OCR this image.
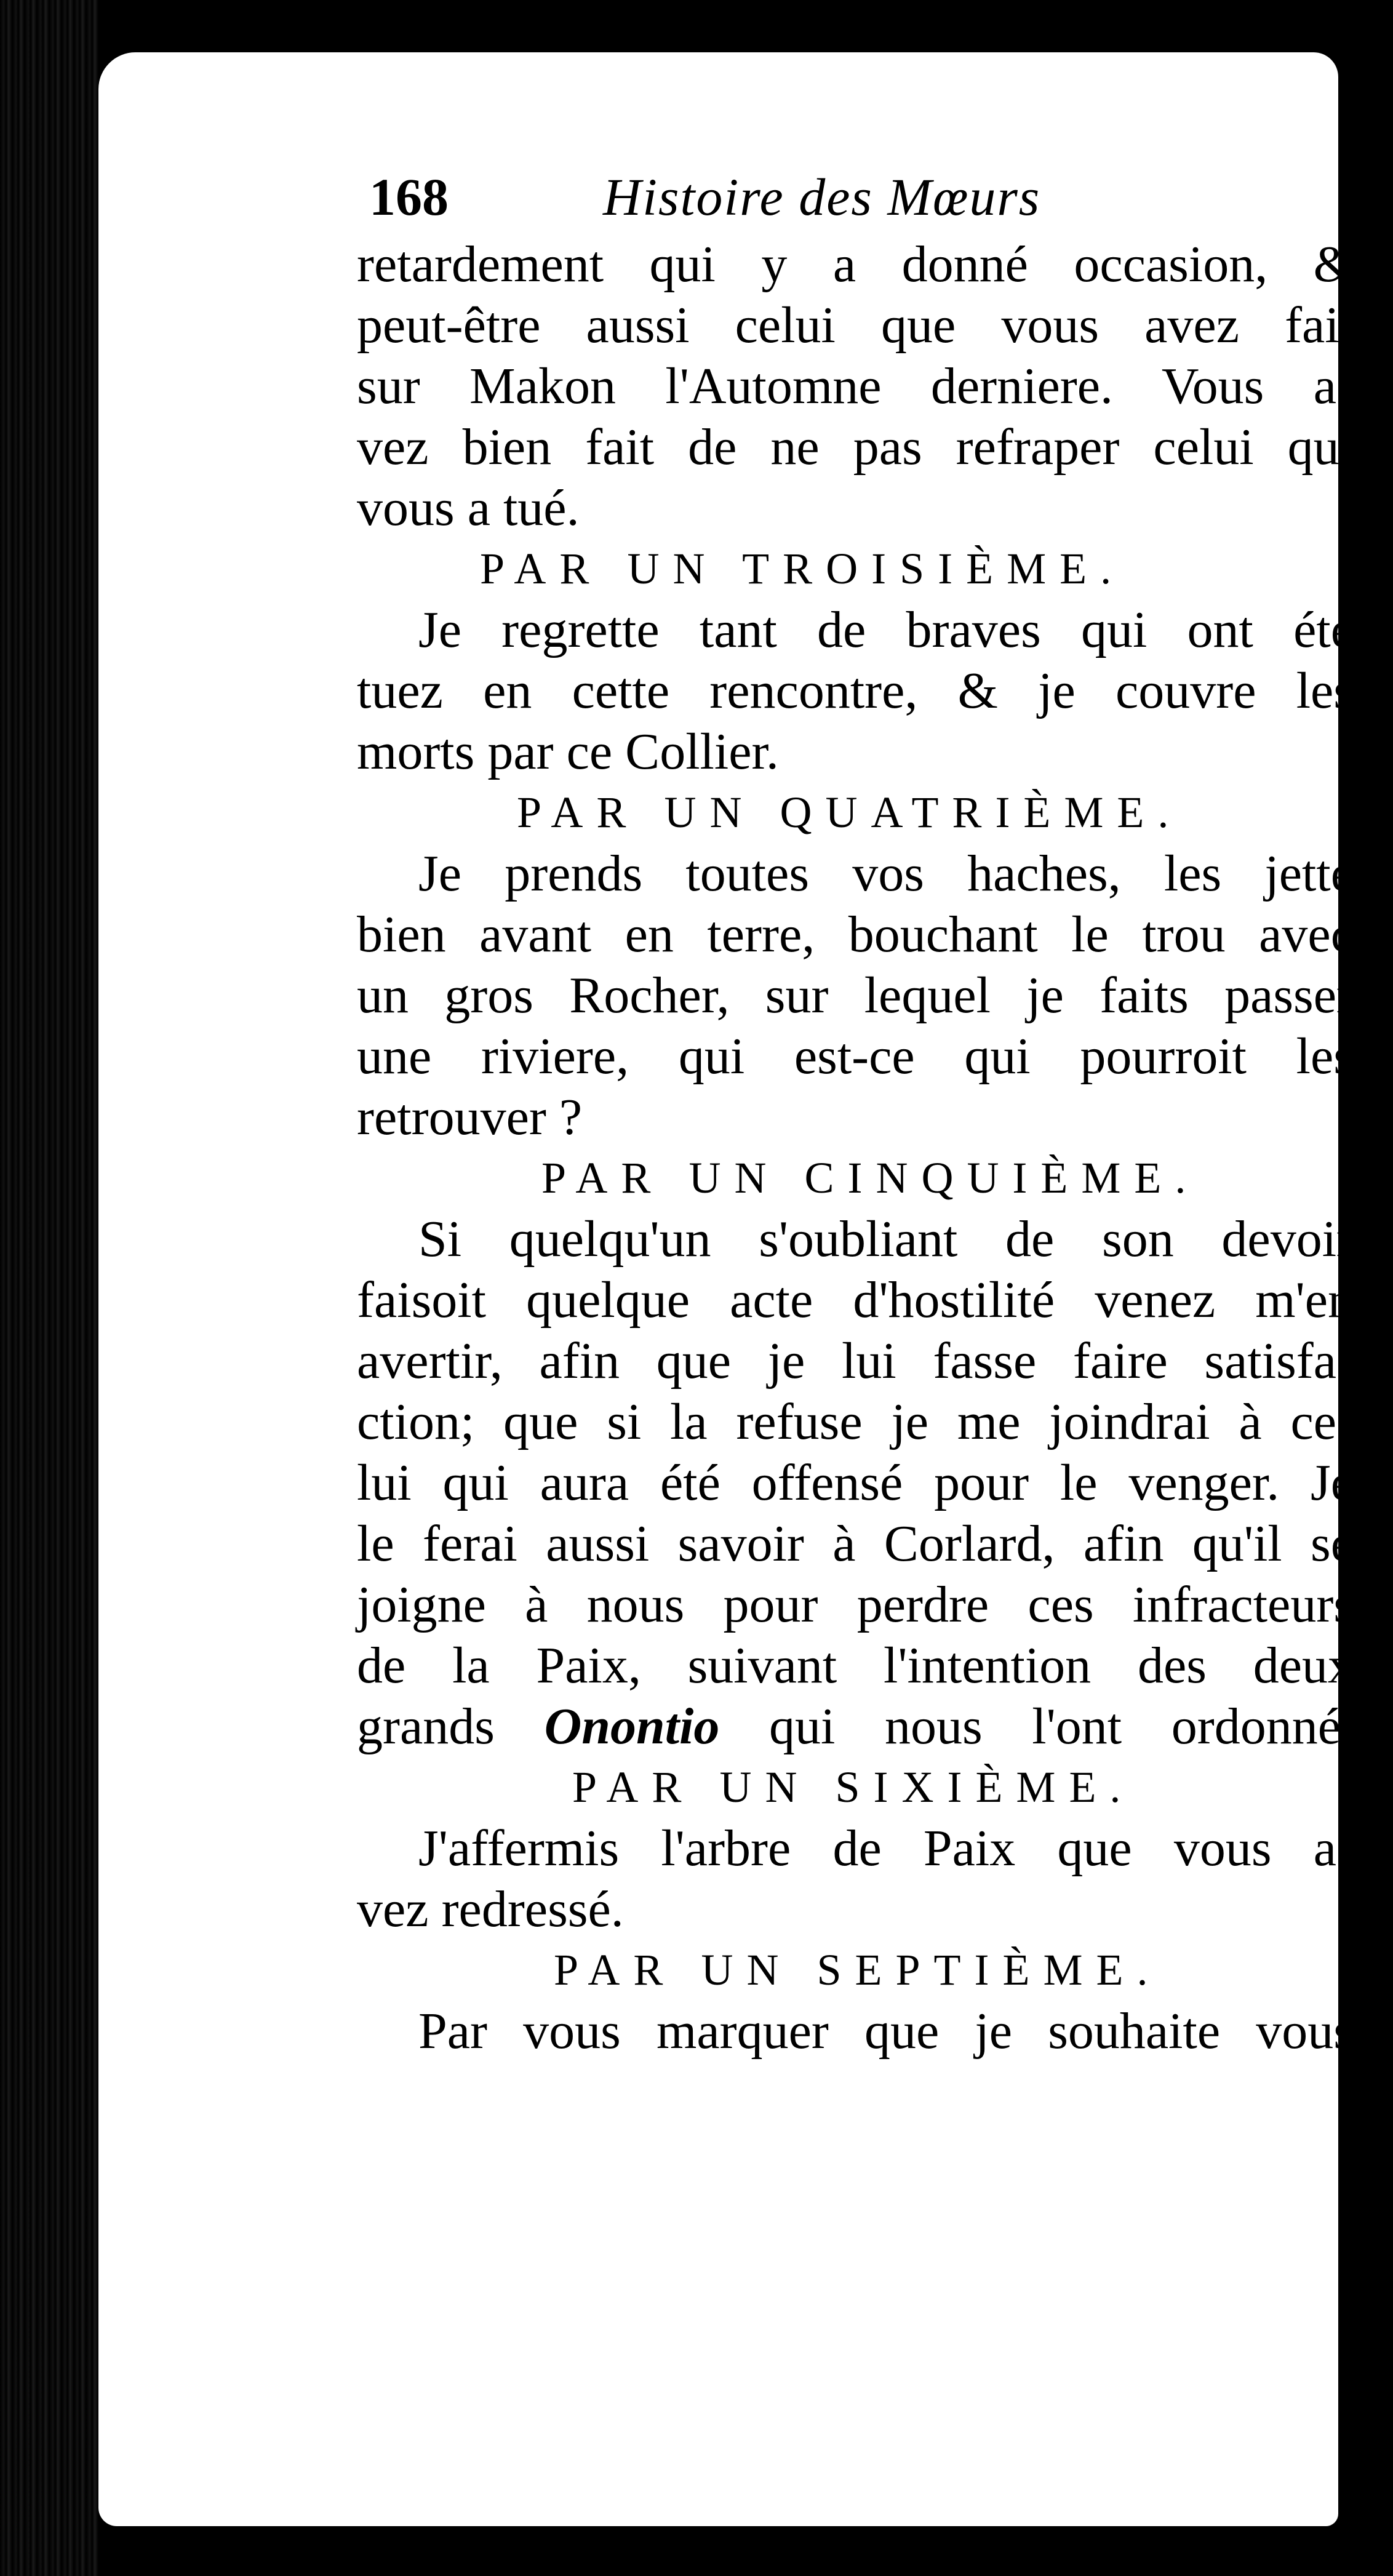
168	Histoire des Mœurs
retardement qui y a donné occasion, &
peut-être aussi celui que vous avez fait
sur Makon l'Automne derniere. Vous a-
vez bien fait de ne pas refraper celui qui
vous a tué.
PAR UN TROISIÈME.
Je regrette tant de braves qui ont été
tuez en cette rencontre, & je couvre les
morts par ce Collier.
PAR UN QUATRIÈME.
Je prends toutes vos haches, les jette
bien avant en terre, bouchant le trou avec
un gros Rocher, sur lequel je faits passer
une riviere, qui est-ce qui pourroit les
retrouver ?
PAR UN CINQUIÈME.
Si quelqu'un s'oubliant de son devoir
faisoit quelque acte d'hostilité venez m'en
avertir, afin que je lui fasse faire satisfa-
ction; que si la refuse je me joindrai à ce-
lui qui aura été offensé pour le venger. Je
le ferai aussi savoir à Corlard, afin qu'il se
joigne à nous pour perdre ces infracteurs
de la Paix, suivant l'intention des deux
grands Onontio qui nous l'ont ordonné.
PAR UN SIXIÈME.
J'affermis l'arbre de Paix que vous a-
vez redressé.
PAR UN SEPTIÈME.
Par vous marquer que je souhaite vous
